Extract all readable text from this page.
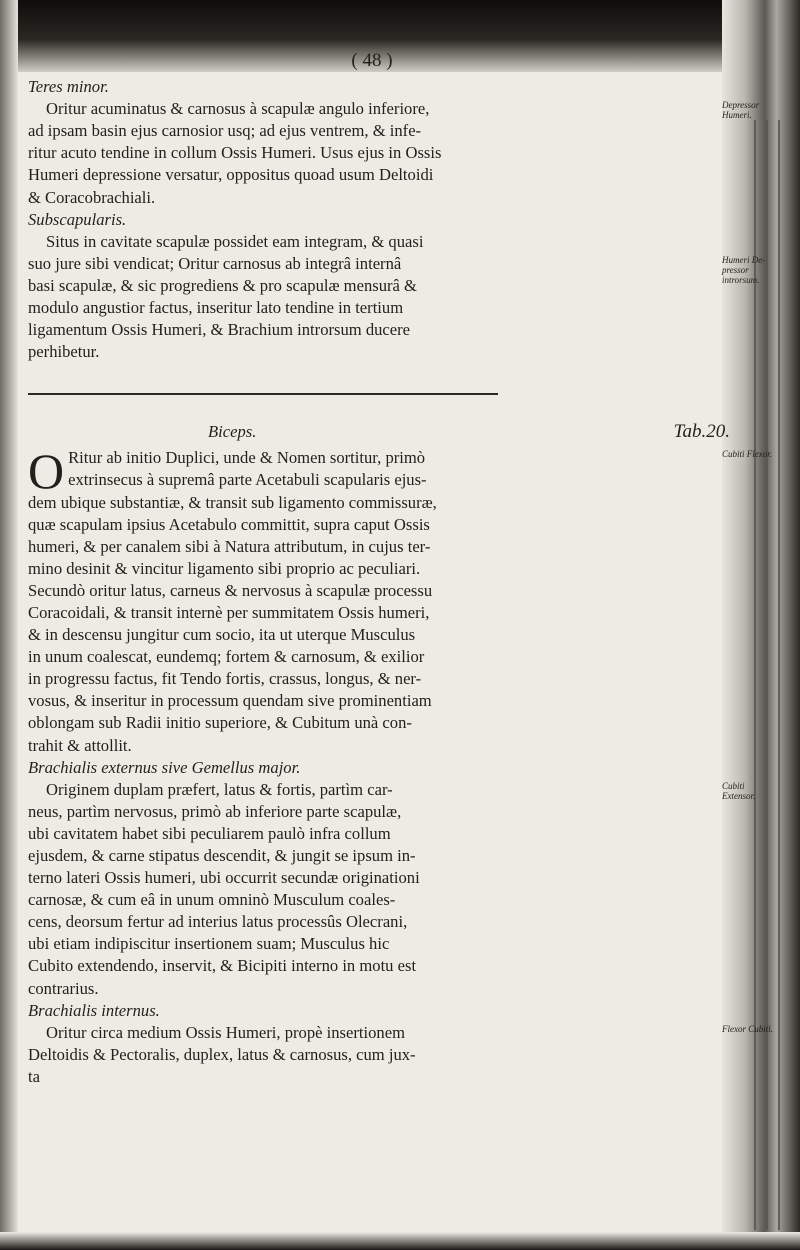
( 48 )

Teres minor.

Depressor Humeri.

Oritur acuminatus & carnosus à scapulæ angulo inferiore,

ad ipsam basin ejus carnosior usq; ad ejus ventrem, & infe-

ritur acuto tendine in collum Ossis Humeri. Usus ejus in Ossis

Humeri depressione versatur, oppositus quoad usum Deltoidi

& Coracobrachiali.

Subscapularis.

Humeri De-pressor introrsum.

Situs in cavitate scapulæ possidet eam integram, & quasi

suo jure sibi vendicat; Oritur carnosus ab integrâ internâ

basi scapulæ, & sic progrediens & pro scapulæ mensurâ &

modulo angustior factus, inseritur lato tendine in tertium

ligamentum Ossis Humeri, & Brachium introrsum ducere

perhibetur.

Biceps.	Tab.20.
Cubiti Flexor.
O Ritur ab initio Duplici, unde & Nomen sortitur, primò

extrinsecus à supremâ parte Acetabuli scapularis ejus-

dem ubique substantiæ, & transit sub ligamento commissuræ,

quæ scapulam ipsius Acetabulo committit, supra caput Ossis

humeri, & per canalem sibi à Natura attributum, in cujus ter-

mino desinit & vincitur ligamento sibi proprio ac peculiari.

Secundò oritur latus, carneus & nervosus à scapulæ processu

Coracoidali, & transit internè per summitatem Ossis humeri,

& in descensu jungitur cum socio, ita ut uterque Musculus

in unum coalescat, eundemq; fortem & carnosum, & exilior

in progressu factus, fit Tendo fortis, crassus, longus, & ner-

vosus, & inseritur in processum quendam sive prominentiam

oblongam sub Radii initio superiore, & Cubitum unà con-

trahit & attollit.

Brachialis externus sive Gemellus major.

Cubiti Extensor.

Originem duplam præfert, latus & fortis, partìm car-

neus, partìm nervosus, primò ab inferiore parte scapulæ,

ubi cavitatem habet sibi peculiarem paulò infra collum

ejusdem, & carne stipatus descendit, & jungit se ipsum in-

terno lateri Ossis humeri, ubi occurrit secundæ originationi

carnosæ, & cum eâ in unum omninò Musculum coales-

cens, deorsum fertur ad interius latus processûs Olecrani,

ubi etiam indipiscitur insertionem suam; Musculus hic

Cubito extendendo, inservit, & Bicipiti interno in motu est

contrarius.

Brachialis internus.

Flexor Cubiti.

Oritur circa medium Ossis Humeri, propè insertionem

Deltoidis & Pectoralis, duplex, latus & carnosus, cum jux-

ta
